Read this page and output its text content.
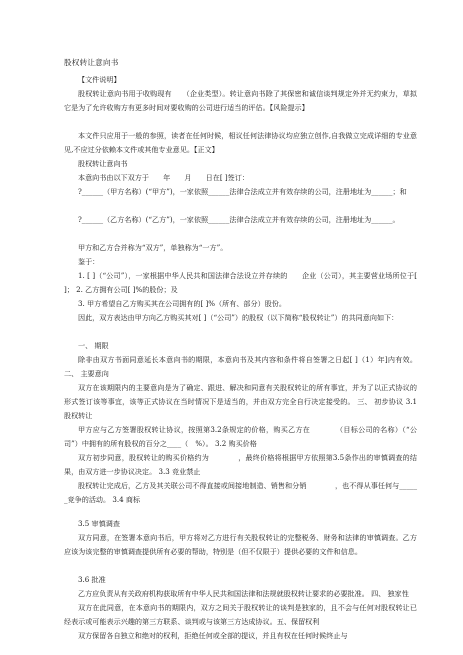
股权转让意向书

【文件说明】

股权转让意向书用于收购现有　　（企业类型）。转让意向书除了其保密和诚信谈判规定外并无约束力，草拟它是为了允许收购方有更多时间对要收购的公司进行适当的评估。【风险提示】

本文件只应用于一般的参照，读者在任何时候，相议任何法律协议均应独立创作,自我做立完成详细的专业意见,不应过分依赖本文件或其他专业意见。【正文】

股权转让意向书

本意向书由以下双方于　　年　　月　　日在[ ]签订：

?______（甲方名称）(“甲方”)，一家依照______法律合法成立并有效存续的公司，注册地址为______；和

?______（乙方名称）(“乙方”)，一家依照______法律合法成立并有效存续的公司，注册地址为______。

甲方和乙方合并称为“双方”，单独称为“一方”。

鉴于：

1. [ ]（“公司”），一家根据中华人民共和国法律合法设立并存续的　　企业（公司），其主要营业场所位于[ ]； 2. 乙方拥有公司[ ]%的股份；及

3. 甲方希望自乙方购买其在公司拥有的[ ]%（所有、部分）股份。

因此，双方表达由甲方向乙方购买其对[ ]（“公司”）的股权（以下简称“股权转让”）的共同意向如下：

一、 期限

除非由双方书面同意延长本意向书的期限，本意向书及其内容和条件将自签署之日起[ ]（1）年]内有效。 二、 主要意向

双方在该期限内的主要意向是为了确定、跟进、解决和同意有关股权转让的所有事宜，并为了以正式协议的形式签订该等事宜，该等正式协议在当时情况下是适当的，并由双方完全自行决定接受的。 三、 初步协议 3.1 股权转让

甲方应与乙方签署股权转让协议，按照第3.2条规定的价格，购买乙方在　　　　（目标公司的名称）（“公司”）中拥有的所有股权的百分之____（　%）。 3.2 购买价格

双方初步同意，股权转让的购买价格约为　　　　，最终价格将根据甲方依照第3.5条作出的审慎调查的结果，由双方进一步协议决定。 3.3 竞业禁止

股权转让完成后，乙方及其关联公司不得直接或间接地制造、销售和分销　　　　，也不得从事任何与______竞争的活动。 3.4 商标

3.5 审慎调查

双方同意，在签署本意向书后，甲方将对乙方进行有关股权转让的完整税务、财务和法律的审慎调查。乙方应该为该完整的审慎调查提供所有必要的帮助，特别是（但不仅限于）提供必要的文件和信息。

3.6 批准

乙方应负责从有关政府机构获取所有中华人民共和国法律和法规就股权转让要求的必要批准。 四、 独家性

双方在此同意，在本意向书的期限内，双方之间关于股权转让的谈判是独家的，且不会与任何对股权转让已经表示或可能表示兴趣的第三方联系、谈判或与该第三方达成协议。五、保留权利

双方保留各自独立和绝对的权利，拒绝任何或全部的提议，并且有权在任何时候终止与
